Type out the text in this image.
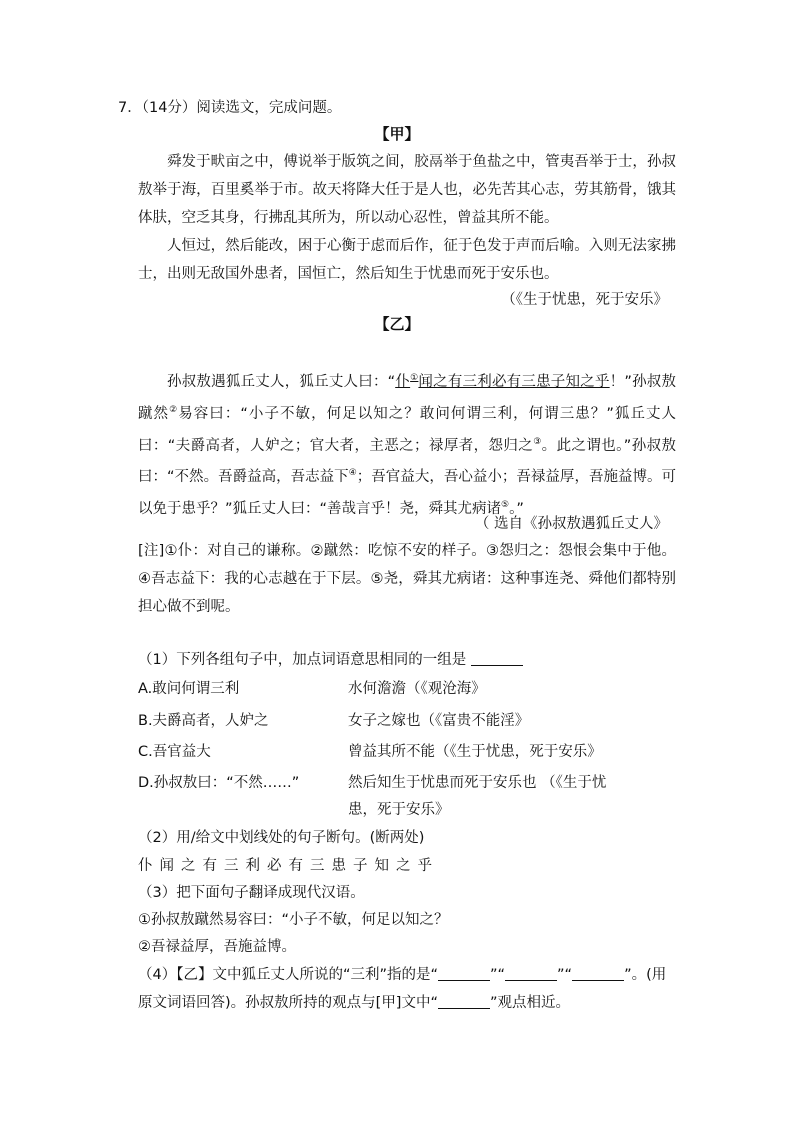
7．（14分）阅读选文，完成问题。
【甲】

舜发于畎亩之中，傅说举于版筑之间，胶鬲举于鱼盐之中，管夷吾举于士，孙叔敖举于海，百里奚举于市。故天将降大任于是人也，必先苦其心志，劳其筋骨，饿其体肤，空乏其身，行拂乱其所为，所以动心忍性，曾益其所不能。

人恒过，然后能改，困于心衡于虑而后作，征于色发于声而后喻。入则无法家拂士，出则无敌国外患者，国恒亡，然后知生于忧患而死于安乐也。

（《生于忧患，死于安乐》
【乙】

孙叔敖遇狐丘丈人，狐丘丈人曰：“仆①闻之有三利必有三患子知之乎！”孙叔敖蹴然②易容曰：“小子不敏，何足以知之？敢问何谓三利，何谓三患？”狐丘丈人曰：“夫爵高者，人妒之；官大者，主恶之；禄厚者，怨归之③。此之谓也。”孙叔敖曰：“不然。吾爵益高，吾志益下④；吾官益大，吾心益小；吾禄益厚，吾施益博。可以免于患乎？”狐丘丈人曰：“善哉言乎！尧，舜其尤病诸⑤。”

（ 选自《孙叔敖遇狐丘丈人》
[注]①仆：对自己的谦称。②蹴然：吃惊不安的样子。③怨归之：怨恨会集中于他。④吾志益下：我的心志越在于下层。⑤尧，舜其尤病诸：这种事连尧、舜他们都特别担心做不到呢。
（1）下列各组句子中，加点词语意思相同的一组是
A.敢问何谓三利	水何澹澹（《观沧海》
B.夫爵高者，人妒之	女子之嫁也（《富贵不能淫》
C.吾官益大	曾益其所不能（《生于忧患，死于安乐》
D.孙叔敖曰：“不然……”	然后知生于忧患而死于安乐也 （《生于忧
患，死于安乐》
（2）用/给文中划线处的句子断句。(断两处)
仆闻之有三利必有三患子知之乎
（3）把下面句子翻译成现代汉语。
①孙叔敖蹴然易容曰：“小子不敏，何足以知之？
②吾禄益厚，吾施益博。
（4）【乙】文中狐丘丈人所说的“三利”指的是“	”“	”“	”。(用
原文词语回答)。孙叔敖所持的观点与[甲]文中“	”观点相近。
